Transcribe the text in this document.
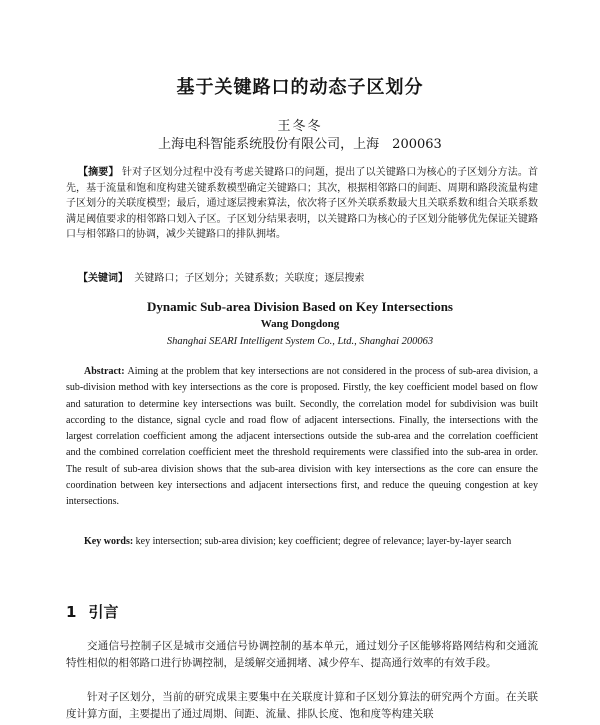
基于关键路口的动态子区划分
王冬冬
上海电科智能系统股份有限公司，上海　200063

【摘要】 针对子区划分过程中没有考虑关键路口的问题，提出了以关键路口为核心的子区划分方法。首先，基于流量和饱和度构建关键系数模型确定关键路口；其次，根据相邻路口的间距、周期和路段流量构建子区划分的关联度模型；最后，通过逐层搜索算法，依次将子区外关联系数最大且关联系数和组合关联系数满足阈值要求的相邻路口划入子区。子区划分结果表明，以关键路口为核心的子区划分能够优先保证关键路口与相邻路口的协调，减少关键路口的排队拥堵。

【关键词】 关键路口；子区划分；关键系数；关联度；逐层搜索

Dynamic Sub-area Division Based on Key Intersections
Wang Dongdong
Shanghai SEARI Intelligent System Co., Ltd., Shanghai 200063

Abstract: Aiming at the problem that key intersections are not considered in the process of sub-area division, a sub-division method with key intersections as the core is proposed. Firstly, the key coefficient model based on flow and saturation to determine key intersections was built. Secondly, the correlation model for subdivision was built according to the distance, signal cycle and road flow of adjacent intersections. Finally, the intersections with the largest correlation coefficient among the adjacent intersections outside the sub-area and the correlation coefficient and the combined correlation coefficient meet the threshold requirements were classified into the sub-area in order. The result of sub-area division shows that the sub-area division with key intersections as the core can ensure the coordination between key intersections and adjacent intersections first, and reduce the queuing congestion at key intersections.

Key words: key intersection; sub-area division; key coefficient; degree of relevance; layer-by-layer search

1 引言

交通信号控制子区是城市交通信号协调控制的基本单元，通过划分子区能够将路网结构和交通流特性相似的相邻路口进行协调控制，是缓解交通拥堵、减少停车、提高通行效率的有效手段。

针对子区划分，当前的研究成果主要集中在关联度计算和子区划分算法的研究两个方面。在关联度计算方面，主要提出了通过周期、间距、流量、排队长度、饱和度等构建关联
